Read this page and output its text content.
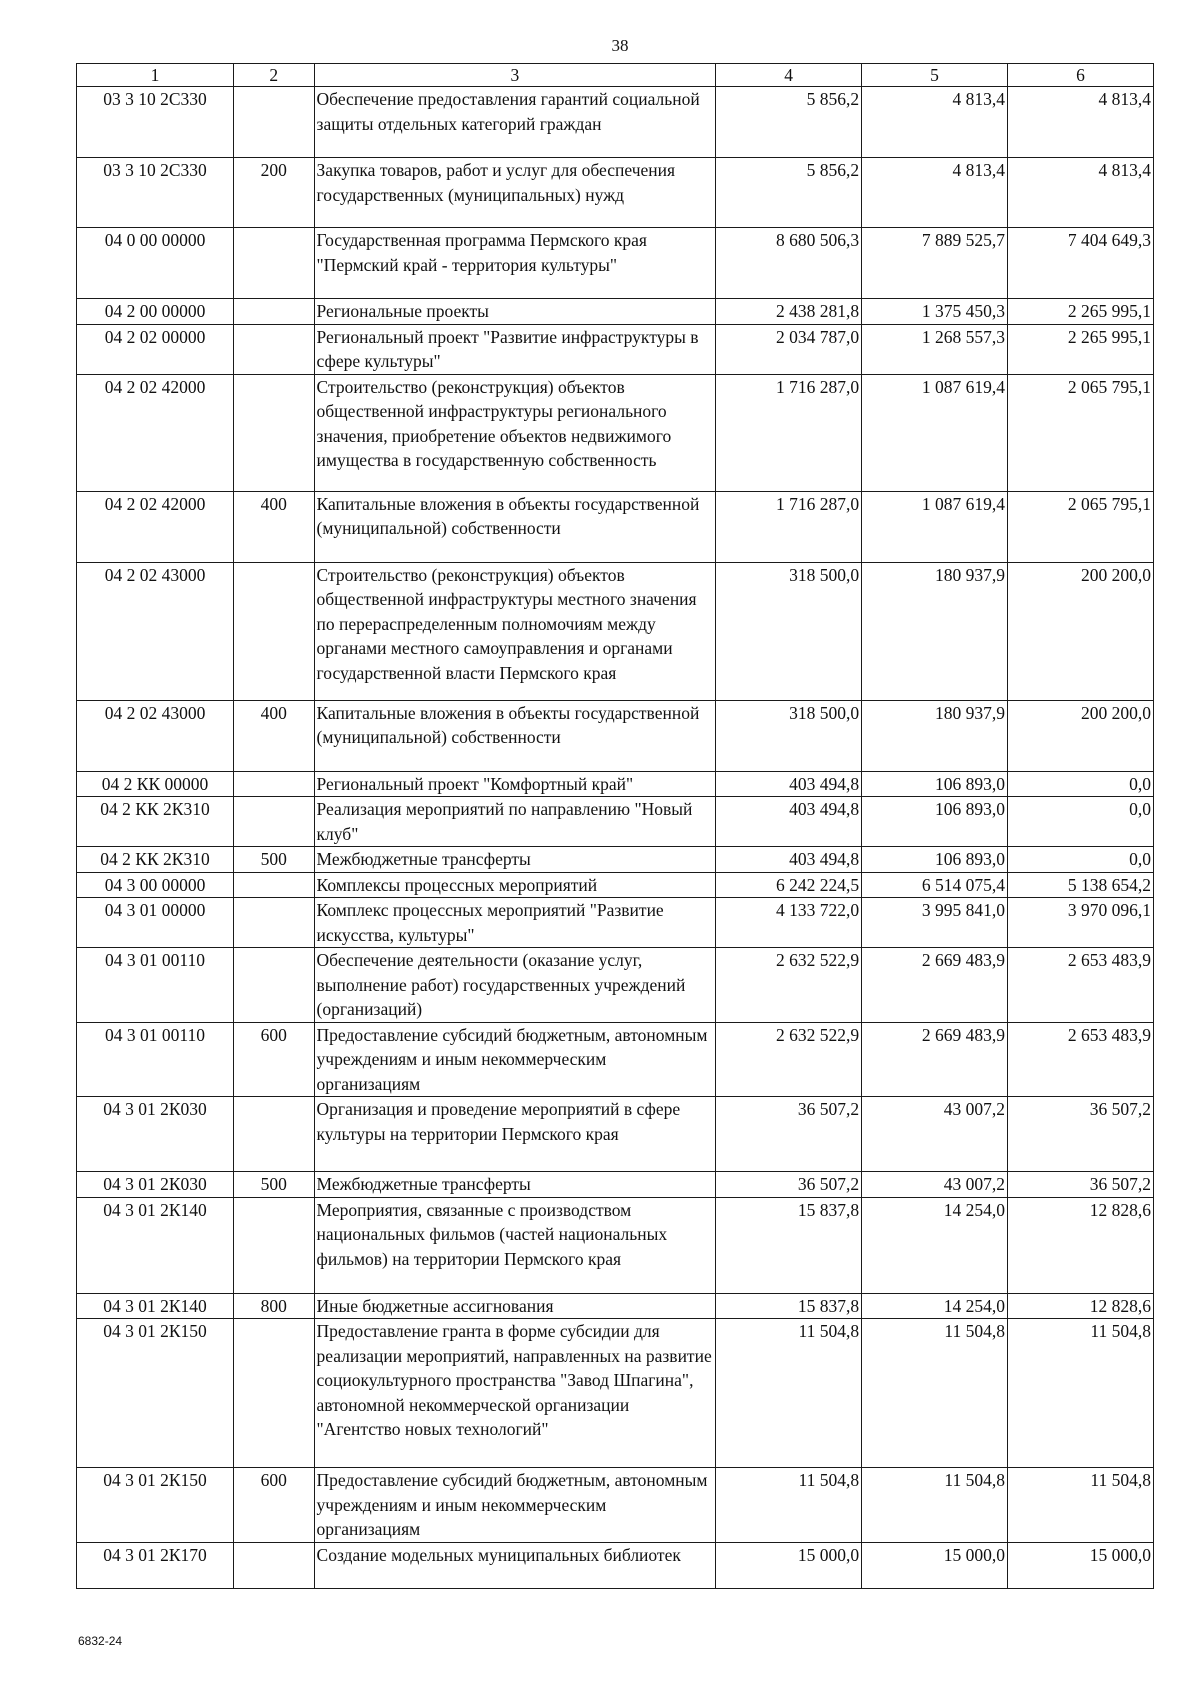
38
1	2	3	4	5	6
03 3 10 2С330		Обеспечение предоставления гарантий социальной защиты отдельных категорий граждан	5 856,2	4 813,4	4 813,4
03 3 10 2С330	200	Закупка товаров, работ и услуг для обеспечения государственных (муниципальных) нужд	5 856,2	4 813,4	4 813,4
04 0 00 00000		Государственная программа Пермского края "Пермский край - территория культуры"	8 680 506,3	7 889 525,7	7 404 649,3
04 2 00 00000		Региональные проекты	2 438 281,8	1 375 450,3	2 265 995,1
04 2 02 00000		Региональный проект "Развитие инфраструктуры в сфере культуры"	2 034 787,0	1 268 557,3	2 265 995,1
04 2 02 42000		Строительство (реконструкция) объектов общественной инфраструктуры регионального значения, приобретение объектов недвижимого имущества в государственную собственность	1 716 287,0	1 087 619,4	2 065 795,1
04 2 02 42000	400	Капитальные вложения в объекты государственной (муниципальной) собственности	1 716 287,0	1 087 619,4	2 065 795,1
04 2 02 43000		Строительство (реконструкция) объектов общественной инфраструктуры местного значения по перераспределенным полномочиям между органами местного самоуправления и органами государственной власти Пермского края	318 500,0	180 937,9	200 200,0
04 2 02 43000	400	Капитальные вложения в объекты государственной (муниципальной) собственности	318 500,0	180 937,9	200 200,0
04 2 КК 00000		Региональный проект "Комфортный край"	403 494,8	106 893,0	0,0
04 2 КК 2К310		Реализация мероприятий по направлению "Новый клуб"	403 494,8	106 893,0	0,0
04 2 КК 2К310	500	Межбюджетные трансферты	403 494,8	106 893,0	0,0
04 3 00 00000		Комплексы процессных мероприятий	6 242 224,5	6 514 075,4	5 138 654,2
04 3 01 00000		Комплекс процессных мероприятий "Развитие искусства, культуры"	4 133 722,0	3 995 841,0	3 970 096,1
04 3 01 00110		Обеспечение деятельности (оказание услуг, выполнение работ) государственных учреждений (организаций)	2 632 522,9	2 669 483,9	2 653 483,9
04 3 01 00110	600	Предоставление субсидий бюджетным, автономным учреждениям и иным некоммерческим организациям	2 632 522,9	2 669 483,9	2 653 483,9
04 3 01 2К030		Организация и проведение мероприятий в сфере культуры на территории Пермского края	36 507,2	43 007,2	36 507,2
04 3 01 2К030	500	Межбюджетные трансферты	36 507,2	43 007,2	36 507,2
04 3 01 2К140		Мероприятия, связанные с производством национальных фильмов (частей национальных фильмов) на территории Пермского края	15 837,8	14 254,0	12 828,6
04 3 01 2К140	800	Иные бюджетные ассигнования	15 837,8	14 254,0	12 828,6
04 3 01 2К150		Предоставление гранта в форме субсидии для реализации мероприятий, направленных на развитие социокультурного пространства "Завод Шпагина", автономной некоммерческой организации "Агентство новых технологий"	11 504,8	11 504,8	11 504,8
04 3 01 2К150	600	Предоставление субсидий бюджетным, автономным учреждениям и иным некоммерческим организациям	11 504,8	11 504,8	11 504,8
04 3 01 2К170		Создание модельных муниципальных библиотек	15 000,0	15 000,0	15 000,0
6832-24
